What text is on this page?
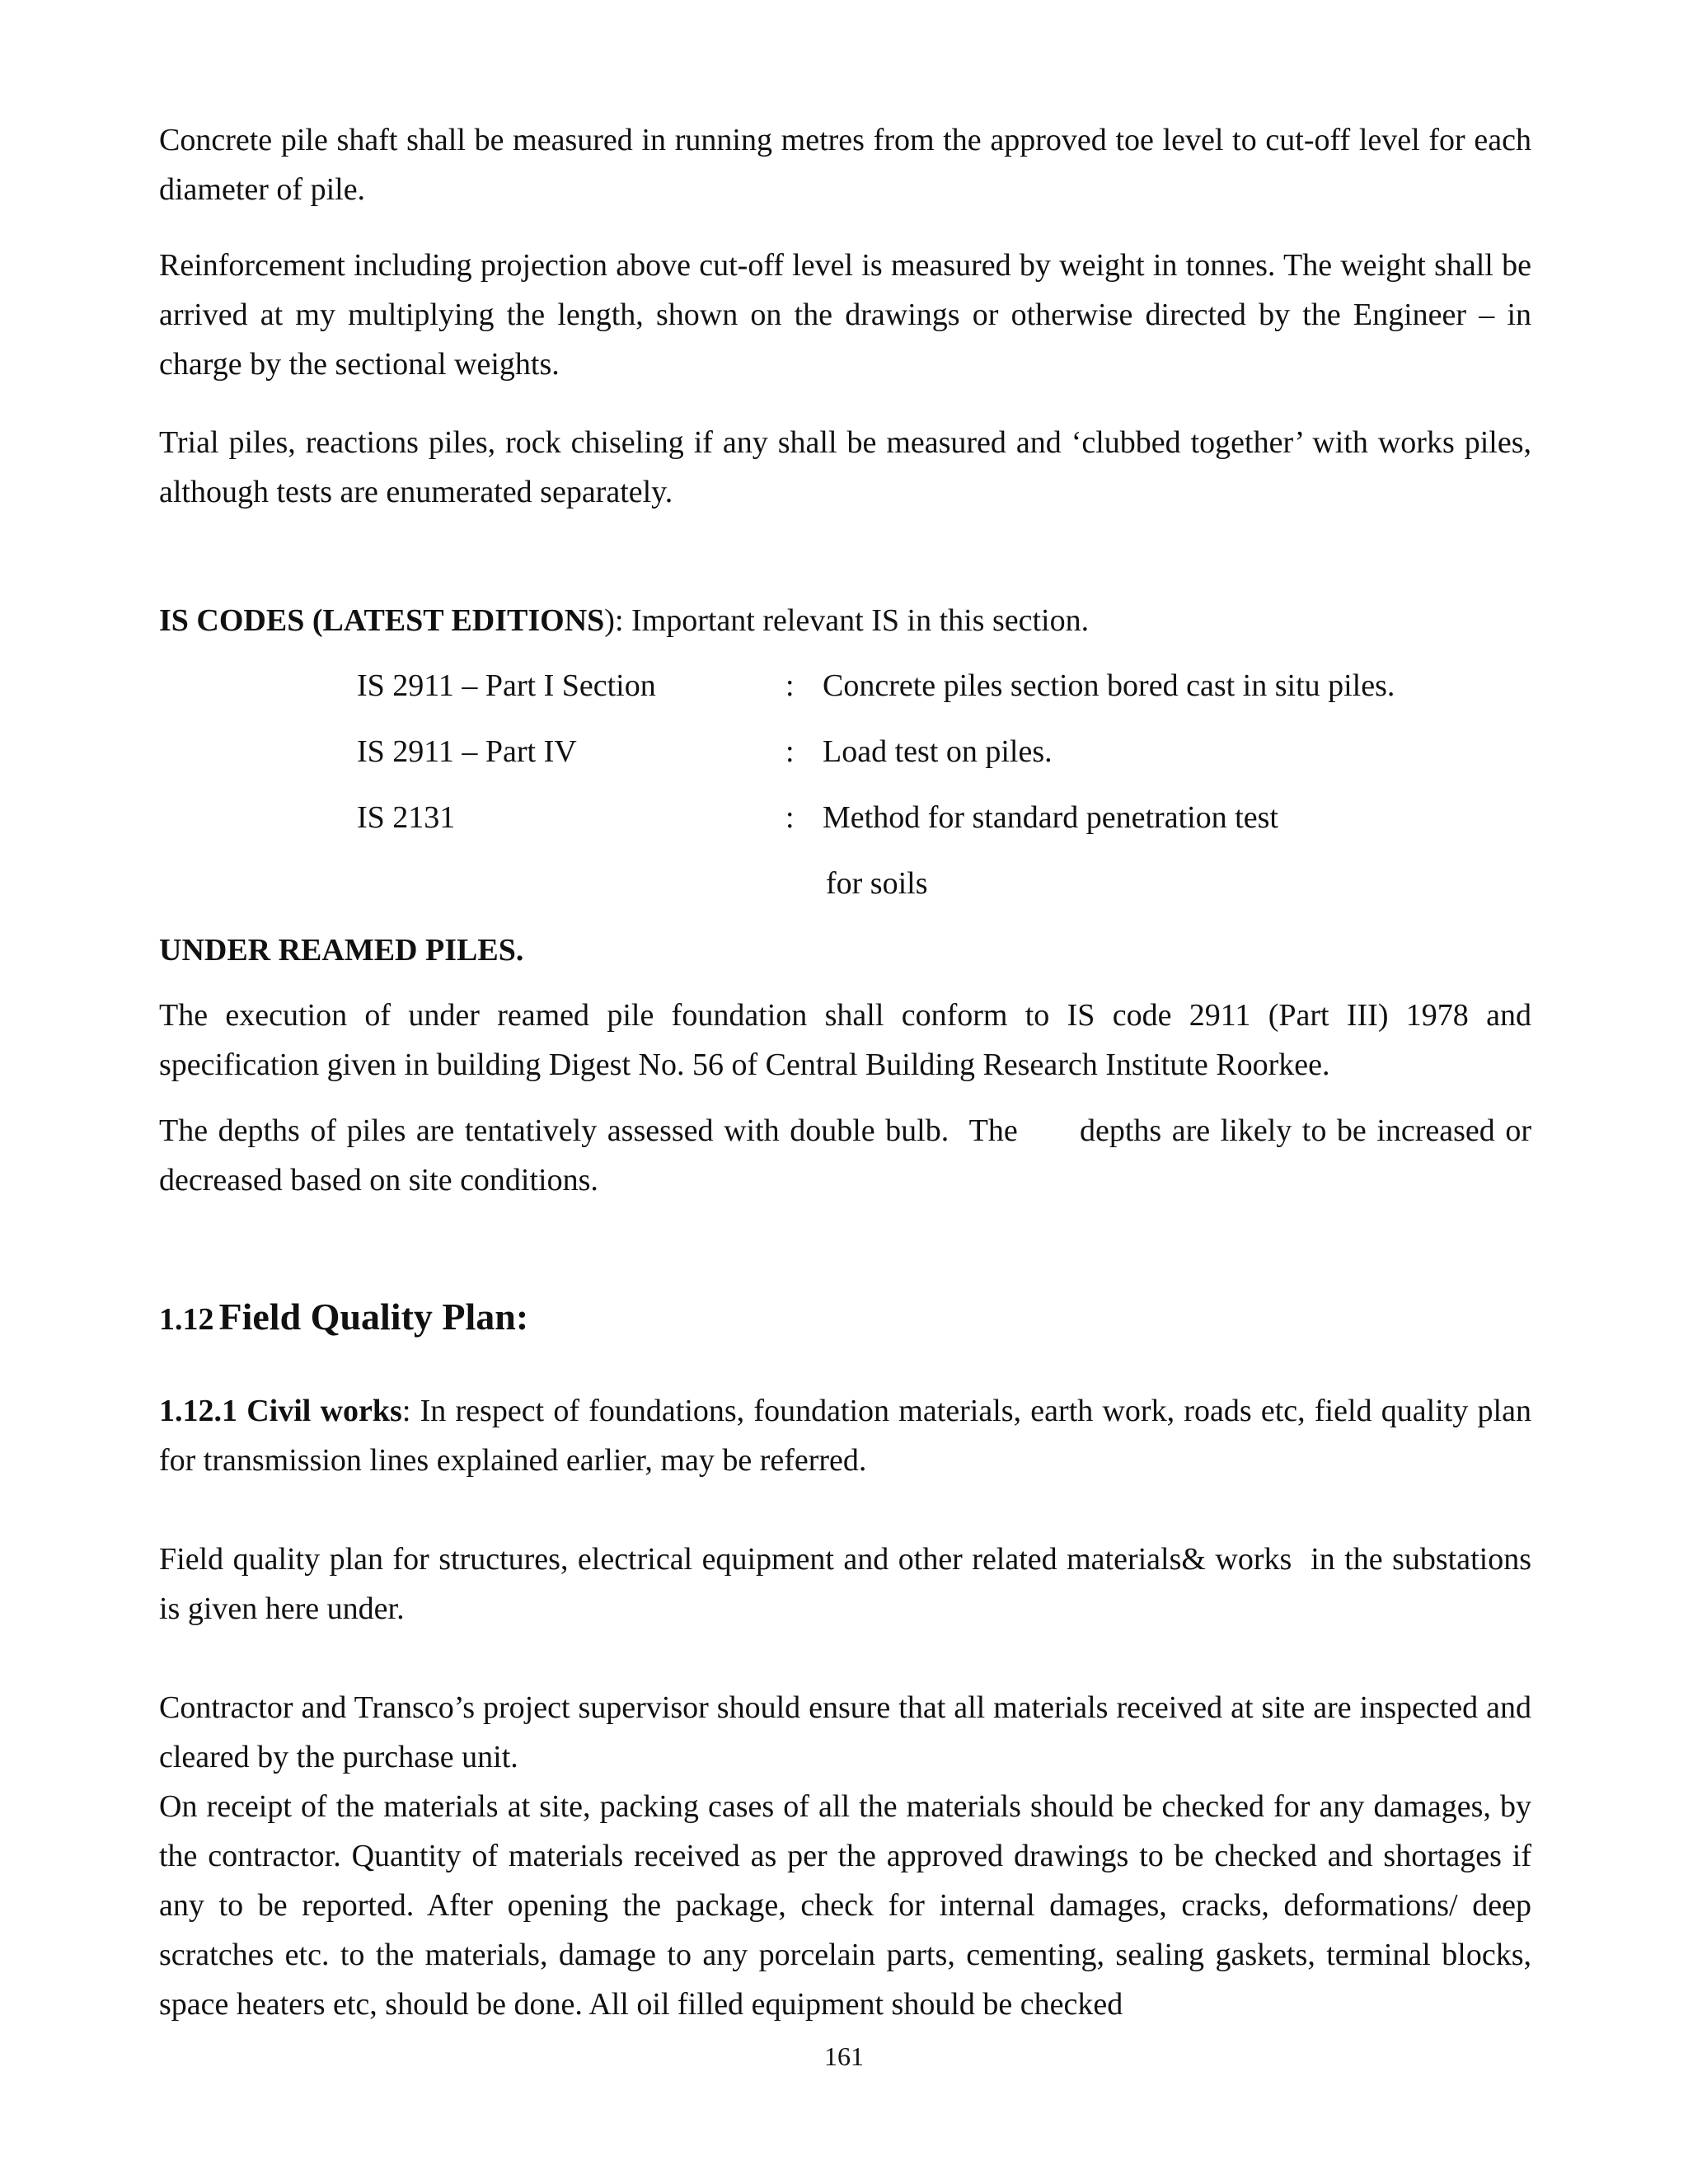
Concrete pile shaft shall be measured in running metres from the approved toe level to cut-off level for each diameter of pile.

Reinforcement including projection above cut-off level is measured by weight in tonnes. The weight shall be arrived at my multiplying the length, shown on the drawings or otherwise directed by the Engineer – in charge by the sectional weights.

Trial piles, reactions piles, rock chiseling if any shall be measured and ‘clubbed together’ with works piles, although tests are enumerated separately.

IS CODES (LATEST EDITIONS): Important relevant IS in this section.
IS 2911 – Part I Section	: Concrete piles section bored cast in situ piles.
IS 2911 – Part IV	: Load test on piles.
IS 2131	: Method for standard penetration test
for soils

UNDER REAMED PILES.

The execution of under reamed pile foundation shall conform to IS code 2911 (Part III) 1978 and specification given in building Digest No. 56 of Central Building Research Institute Roorkee.

The depths of piles are tentatively assessed with double bulb.  The      depths are likely to be increased or decreased based on site conditions.

1.12 Field Quality Plan:

1.12.1 Civil works: In respect of foundations, foundation materials, earth work, roads etc, field quality plan for transmission lines explained earlier, may be referred.

Field quality plan for structures, electrical equipment and other related materials& works  in the substations is given here under.

Contractor and Transco’s project supervisor should ensure that all materials received at site are inspected and cleared by the purchase unit.

On receipt of the materials at site, packing cases of all the materials should be checked for any damages, by the contractor. Quantity of materials received as per the approved drawings to be checked and shortages if any to be reported. After opening the package, check for internal damages, cracks, deformations/ deep scratches etc. to the materials, damage to any porcelain parts, cementing, sealing gaskets, terminal blocks, space heaters etc, should be done. All oil filled equipment should be checked

161
